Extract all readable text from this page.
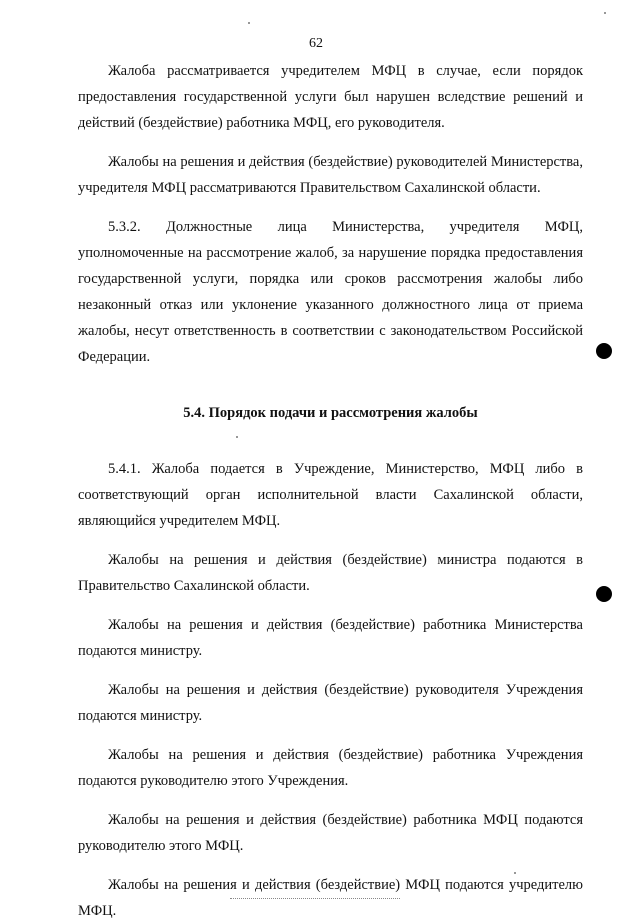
62

Жалоба рассматривается учредителем МФЦ в случае, если порядок предоставления государственной услуги был нарушен вследствие решений и действий (бездействие) работника МФЦ, его руководителя.

Жалобы на решения и действия (бездействие) руководителей Министерства, учредителя МФЦ рассматриваются Правительством Сахалинской области.

5.3.2. Должностные лица Министерства, учредителя МФЦ, уполномоченные на рассмотрение жалоб, за нарушение порядка предоставления государственной услуги, порядка или сроков рассмотрения жалобы либо незаконный отказ или уклонение указанного должностного лица от приема жалобы, несут ответственность в соответствии с законодательством Российской Федерации.

5.4. Порядок подачи и рассмотрения жалобы

5.4.1. Жалоба подается в Учреждение, Министерство, МФЦ либо в соответствующий орган исполнительной власти Сахалинской области, являющийся учредителем МФЦ.

Жалобы на решения и действия (бездействие) министра подаются в Правительство Сахалинской области.

Жалобы на решения и действия (бездействие) работника Министерства подаются министру.

Жалобы на решения и действия (бездействие) руководителя Учреждения подаются министру.

Жалобы на решения и действия (бездействие) работника Учреждения подаются руководителю этого Учреждения.

Жалобы на решения и действия (бездействие) работника МФЦ подаются руководителю этого МФЦ.

Жалобы на решения и действия (бездействие) МФЦ подаются учредителю МФЦ.
